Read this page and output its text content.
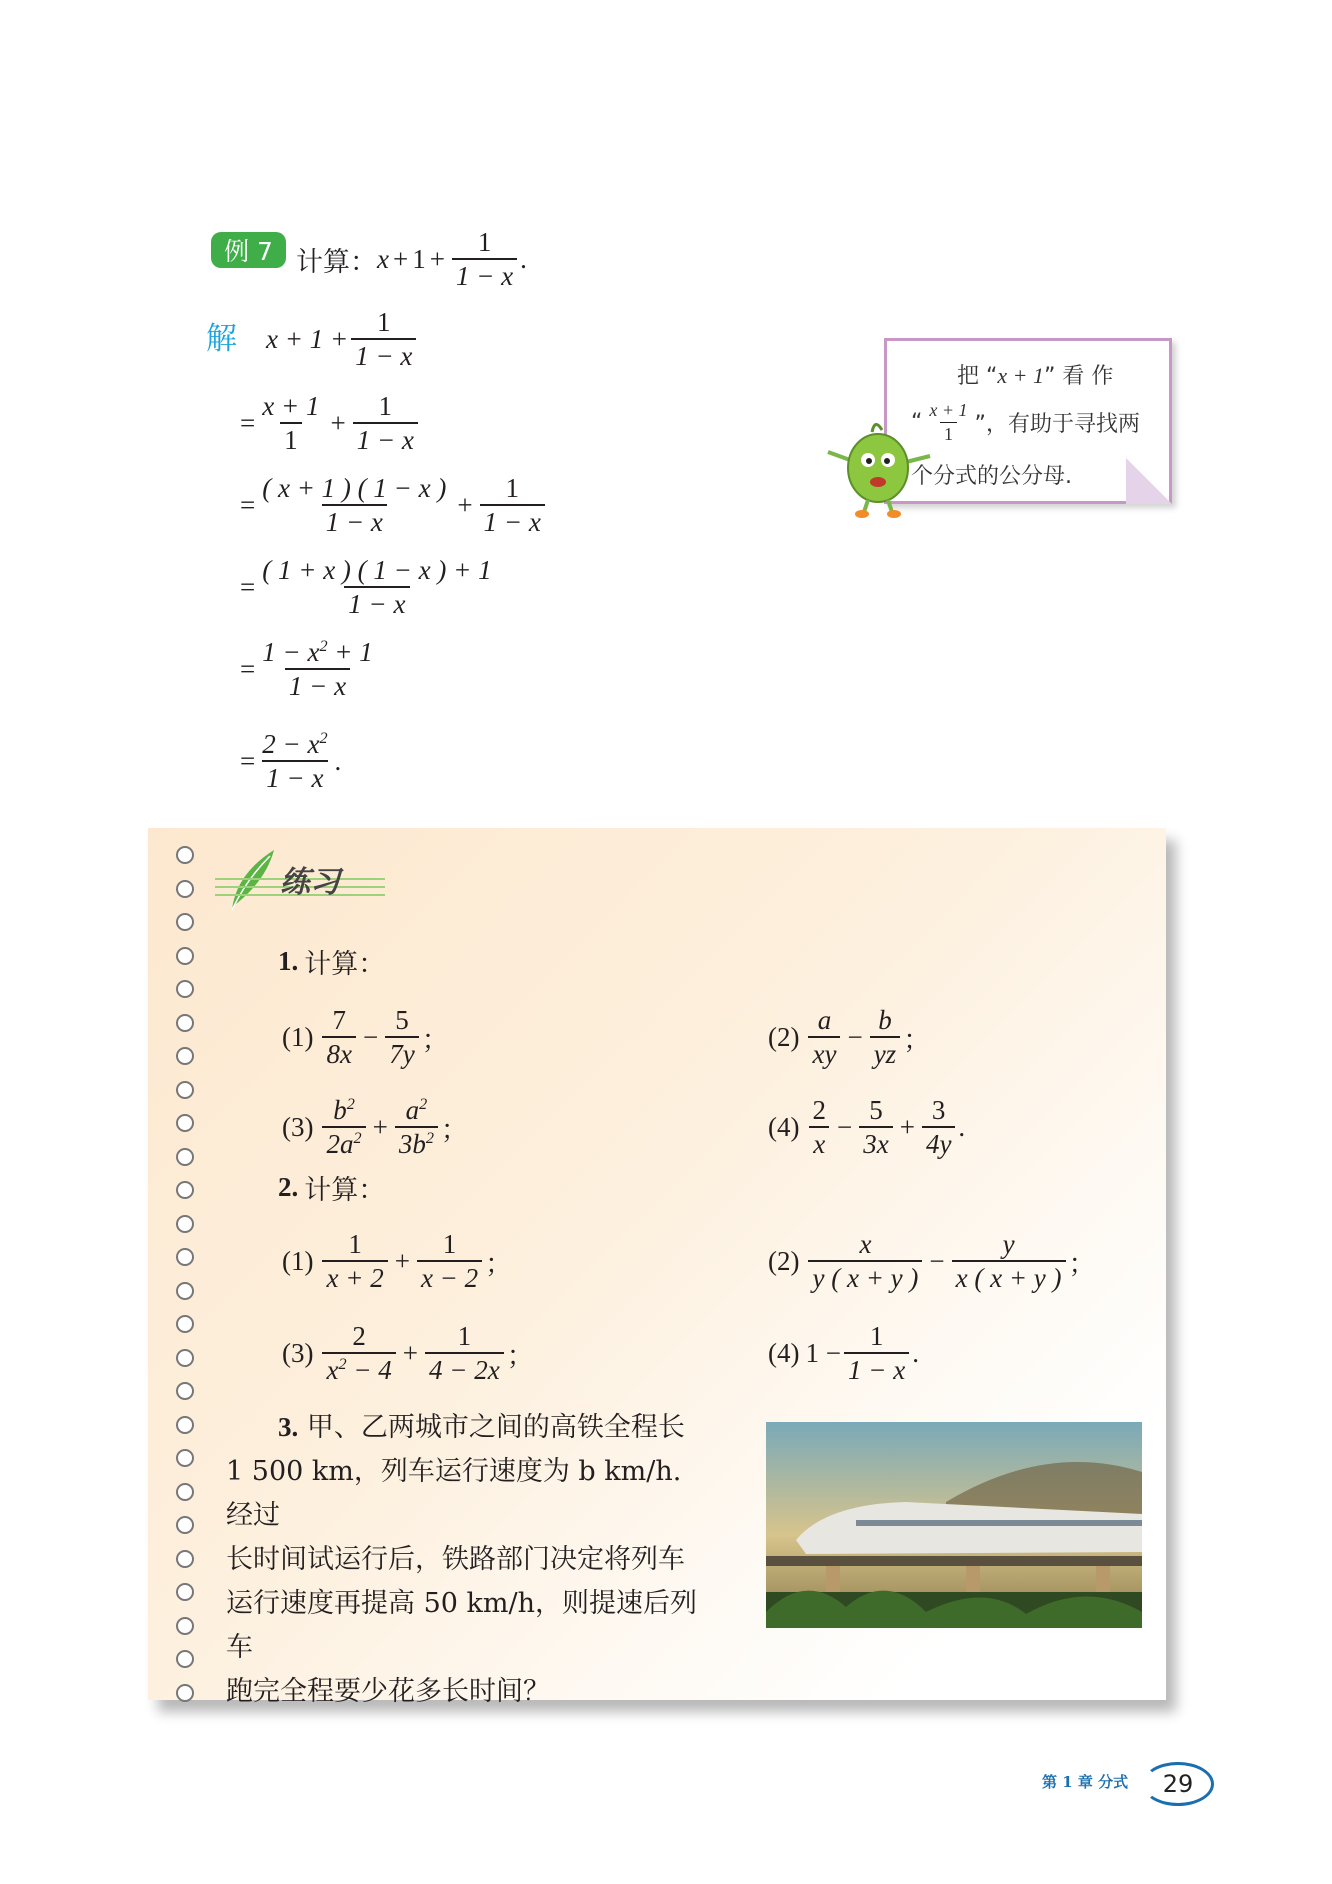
例 7 计算： $x + 1 + \frac{1}{1 - x}$ .
解 $x + 1 + \frac{1}{1 - x}$
= $\frac{x + 1}{1} + \frac{1}{1 - x}$
= $\frac{( x + 1 ) ( 1 - x )}{1 - x} + \frac{1}{1 - x}$
= $\frac{( 1 + x ) ( 1 - x ) + 1}{1 - x}$
= $\frac{1 - x^2 + 1}{1 - x}$
= $\frac{2 - x^2}{1 - x}$ .
把 “x + 1” 看 作
“ $\frac{x + 1}{1}$ ”，有助于寻找两
个分式的公分母.
练习
1. 计算：
$(1) \frac{7}{8x} - \frac{5}{7y}$ ；	$(2) \frac{a}{xy} - \frac{b}{yz}$ ；
$(3) \frac{b^2}{2a^2} + \frac{a^2}{3b^2}$ ；	$(4) \frac{2}{x} - \frac{5}{3x} + \frac{3}{4y}$ .
2. 计算：
$(1) \frac{1}{x + 2} + \frac{1}{x - 2}$ ；	$(2) \frac{x}{y ( x + y )} - \frac{y}{x ( x + y )}$ ；
$(3) \frac{2}{x^2 - 4} + \frac{1}{4 - 2x}$ ；	(4) $1 - \frac{1}{1 - x}$ .
3. 甲、乙两城市之间的高铁全程长
1 500 km，列车运行速度为 b km/h. 经过
长时间试运行后，铁路部门决定将列车
运行速度再提高 50 km/h，则提速后列车
跑完全程要少花多长时间？
第 1 章 分式	29
